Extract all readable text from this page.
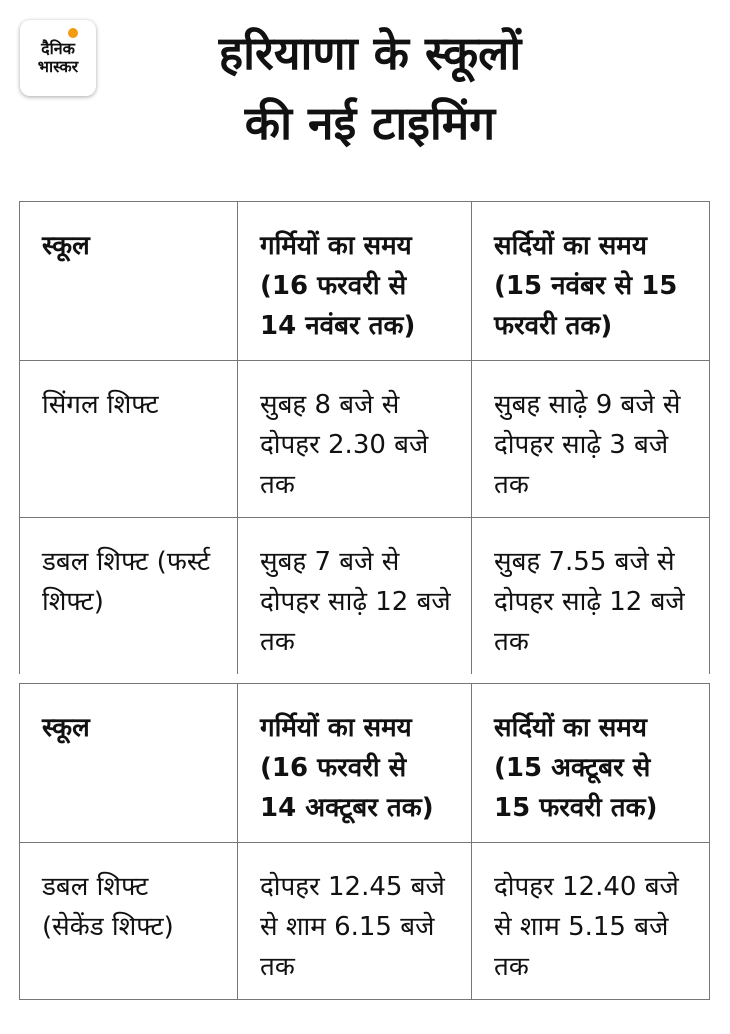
दैनिक
भास्कर	हरियाणा के स्कूलों
की नई टाइमिंग
स्कूल	गर्मियों का समय (16 फरवरी से 14 नवंबर तक)	सर्दियों का समय (15 नवंबर से 15 फरवरी तक)
सिंगल शिफ्ट	सुबह 8 बजे से दोपहर 2.30 बजे तक	सुबह साढ़े 9 बजे से दोपहर साढ़े 3 बजे तक
डबल शिफ्ट (फर्स्ट शिफ्ट)	सुबह 7 बजे से दोपहर साढ़े 12 बजे तक	सुबह 7.55 बजे से दोपहर साढ़े 12 बजे तक
स्कूल	गर्मियों का समय (16 फरवरी से 14 अक्टूबर तक)	सर्दियों का समय (15 अक्टूबर से 15 फरवरी तक)
डबल शिफ्ट (सेकेंड शिफ्ट)	दोपहर 12.45 बजे से शाम 6.15 बजे तक	दोपहर 12.40 बजे से शाम 5.15 बजे तक
